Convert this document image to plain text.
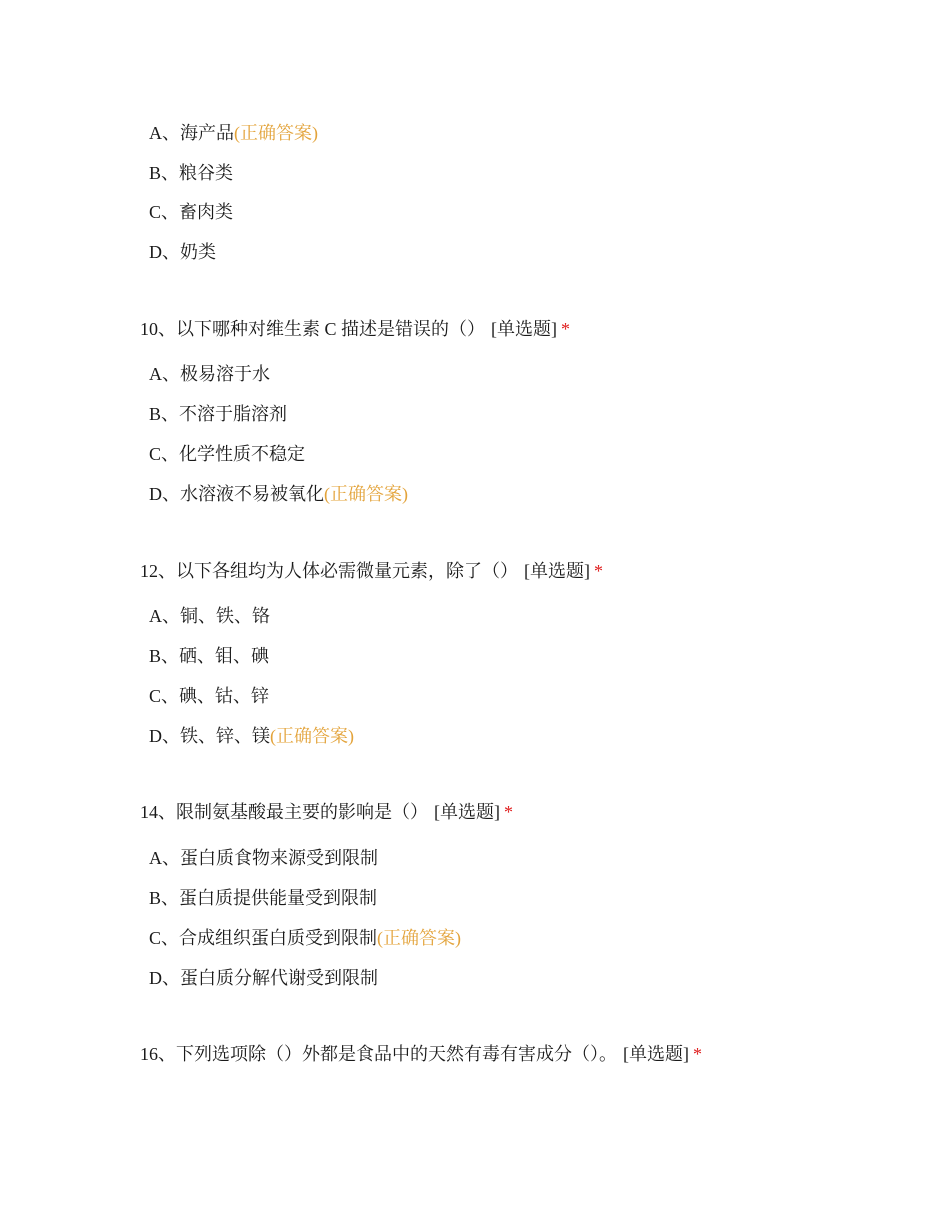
A、海产品(正确答案)
B、粮谷类
C、畜肉类
D、奶类
10、以下哪种对维生素 C 描述是错误的（） [单选题] *
A、极易溶于水
B、不溶于脂溶剂
C、化学性质不稳定
D、水溶液不易被氧化(正确答案)
12、以下各组均为人体必需微量元素，除了（） [单选题] *
A、铜、铁、铬
B、硒、钼、碘
C、碘、钴、锌
D、铁、锌、镁(正确答案)
14、限制氨基酸最主要的影响是（） [单选题] *
A、蛋白质食物来源受到限制
B、蛋白质提供能量受到限制
C、合成组织蛋白质受到限制(正确答案)
D、蛋白质分解代谢受到限制
16、下列选项除（）外都是食品中的天然有毒有害成分（）。 [单选题] *
